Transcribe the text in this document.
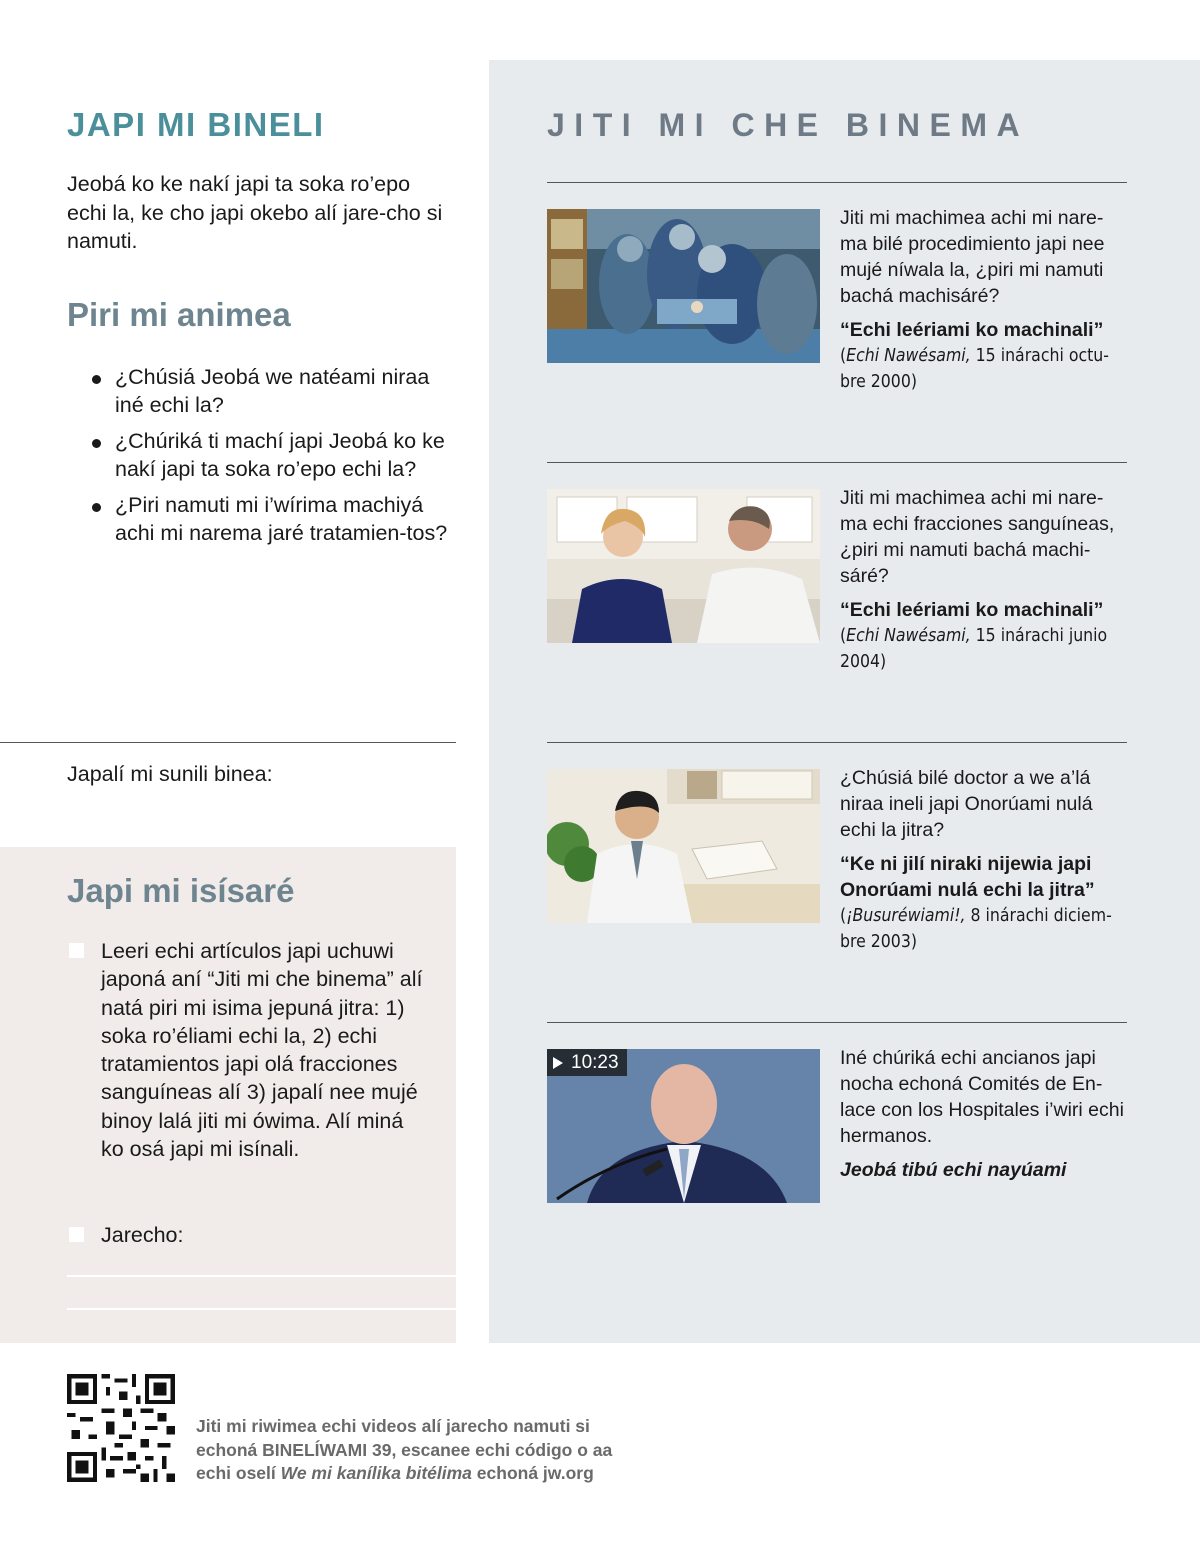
JAPI MI BINELI

Jeobá ko ke nakí japi ta soka ro’epo echi la, ke cho japi okebo alí jare-cho si namuti.

Piri mi animea
¿Chúsiá Jeobá we natéami niraa iné echi la?
¿Chúriká ti machí japi Jeobá ko ke nakí japi ta soka ro’epo echi la?
¿Piri namuti mi i’wírima machiyá achi mi narema jaré tratamien-tos?
Japalí mi sunili binea:
Japi mi isísaré
Leeri echi artículos japi uchuwi japoná aní “Jiti mi che binema” alí natá piri mi isima jepuná jitra: 1) soka ro’éliami echi la, 2) echi tratamientos japi olá fracciones sanguíneas alí 3) japalí nee mujé binoy lalá jiti mi ówima. Alí miná ko osá japi mi isínali.
Jarecho:
JITI MI CHE BINEMA

Jiti mi machimea achi mi nare-ma bilé procedimiento japi nee mujé níwala la, ¿piri mi namuti bachá machisáré?

“Echi leériami ko machinali”

(Echi Nawésami, 15 inárachi octu-bre 2000)

Jiti mi machimea achi mi nare-ma echi fracciones sanguíneas, ¿piri mi namuti bachá machi-sáré?

“Echi leériami ko machinali”

(Echi Nawésami, 15 inárachi junio 2004)

¿Chúsiá bilé doctor a we a’lá niraa ineli japi Onorúami nulá echi la jitra?

“Ke ni jilí niraki nijewia japi Onorúami nulá echi la jitra”

(¡Busuréwiami!, 8 inárachi diciem-bre 2003)

10:23	Iné chúriká echi ancianos japi nocha echoná Comités de En-lace con los Hospitales i’wiri echi hermanos.

Jeobá tibú echi nayúami

Jiti mi riwimea echi videos alí jarecho namuti si
echoná BINELÍWAMI 39, escanee echi código o aa
echi oselí We mi kanílika bitélima echoná jw.org
